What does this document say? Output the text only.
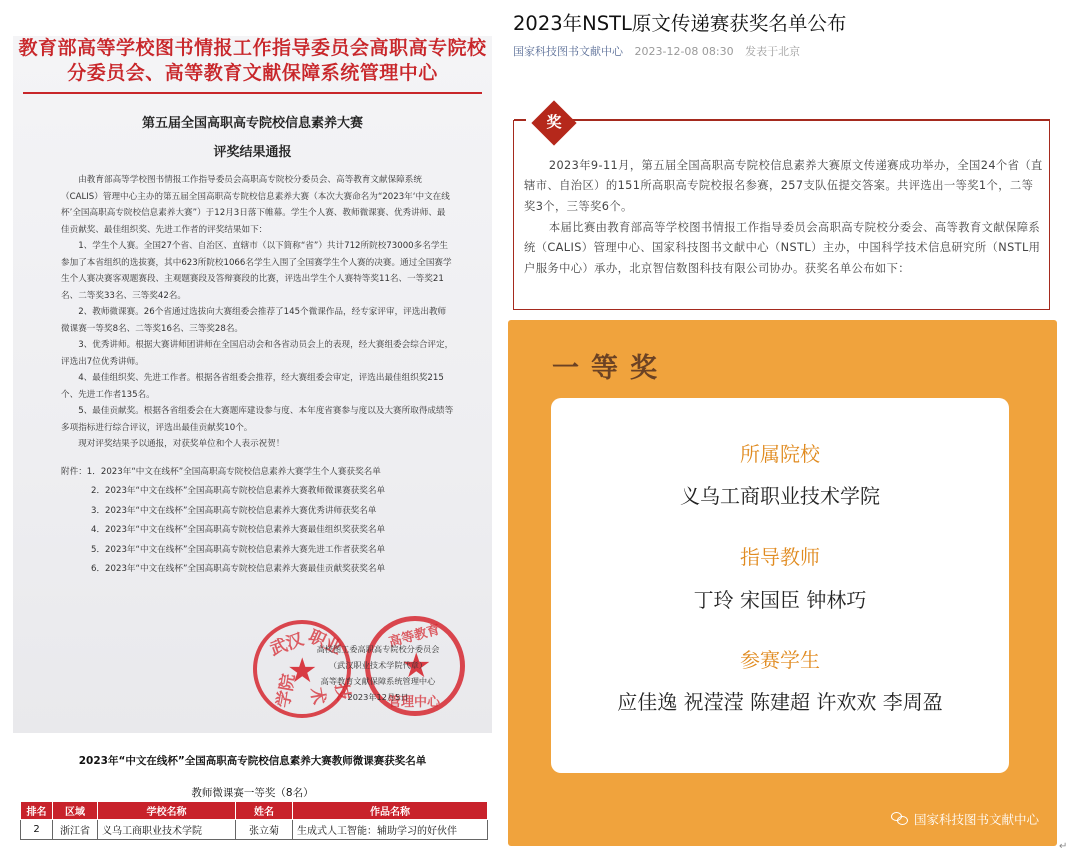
教育部高等学校图书情报工作指导委员会高职高专院校
分委员会、高等教育文献保障系统管理中心
第五届全国高职高专院校信息素养大赛
评奖结果通报

由教育部高等学校图书情报工作指导委员会高职高专院校分委员会、高等教育文献保障系统（CALIS）管理中心主办的第五届全国高职高专院校信息素养大赛（本次大赛命名为“2023年‘中文在线杯’全国高职高专院校信息素养大赛”）于12月3日落下帷幕。学生个人赛、教师微课赛、优秀讲师、最佳贡献奖、最佳组织奖、先进工作者的评奖结果如下：

1、学生个人赛。全国27个省、自治区、直辖市（以下简称“省”）共计712所院校73000多名学生参加了本省组织的选拔赛，其中623所院校1066名学生入围了全国赛学生个人赛的决赛。通过全国赛学生个人赛决赛客观题赛段、主观题赛段及答辩赛段的比赛，评选出学生个人赛特等奖11名、一等奖21名、二等奖33名、三等奖42名。

2、教师微课赛。26个省通过选拔向大赛组委会推荐了145个微课作品，经专家评审，评选出教师微课赛一等奖8名、二等奖16名、三等奖28名。

3、优秀讲师。根据大赛讲师团讲师在全国启动会和各省动员会上的表现，经大赛组委会综合评定，评选出7位优秀讲师。

4、最佳组织奖、先进工作者。根据各省组委会推荐，经大赛组委会审定，评选出最佳组织奖215个、先进工作者135名。

5、最佳贡献奖。根据各省组委会在大赛题库建设参与度、本年度省赛参与度以及大赛所取得成绩等多项指标进行综合评议，评选出最佳贡献奖10个。

现对评奖结果予以通报，对获奖单位和个人表示祝贺！

附件：1．2023年“中文在线杯”全国高职高专院校信息素养大赛学生个人赛获奖名单
2．2023年“中文在线杯”全国高职高专院校信息素养大赛教师微课赛获奖名单
3．2023年“中文在线杯”全国高职高专院校信息素养大赛优秀讲师获奖名单
4．2023年“中文在线杯”全国高职高专院校信息素养大赛最佳组织奖获奖名单
5．2023年“中文在线杯”全国高职高专院校信息素养大赛先进工作者获奖名单
6．2023年“中文在线杯”全国高职高专院校信息素养大赛最佳贡献奖获奖名单
武汉 职业
★
技术
学院
高等教育
★
管理中心
高校图工委高职高专院校分委员会
（武汉职业技术学院代章）
高等教育文献保障系统管理中心
2023年12月5日
2023年“中文在线杯”全国高职高专院校信息素养大赛教师微课赛获奖名单
教师微课赛一等奖（8名）
排名	区域	学校名称	姓名	作品名称
2	浙江省	义乌工商职业技术学院	张立菊	生成式人工智能：辅助学习的好伙伴
2023年NSTL原文传递赛获奖名单公布
国家科技图书文献中心 2023-12-08 08:30 发表于北京
2023年9-11月，第五届全国高职高专院校信息素养大赛原文传递赛成功举办，全国24个省（直辖市、自治区）的151所高职高专院校报名参赛，257支队伍提交答案。共评选出一等奖1个，二等奖3个，三等奖6个。
本届比赛由教育部高等学校图书情报工作指导委员会高职高专院校分委会、高等教育文献保障系统（CALIS）管理中心、国家科技图书文献中心（NSTL）主办，中国科学技术信息研究所（NSTL用户服务中心）承办，北京智信数图科技有限公司协办。获奖名单公布如下：
奖
一等奖
所属院校
义乌工商职业技术学院
指导教师
丁玲 宋国臣 钟林巧
参赛学生
应佳逸 祝滢滢 陈建超 许欢欢 李周盈
国家科技图书文献中心
↵
